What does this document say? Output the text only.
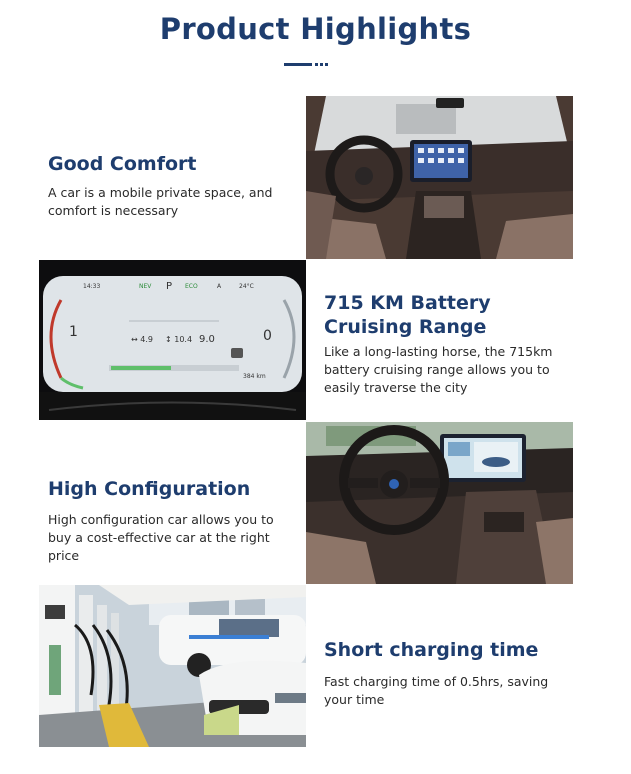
Product Highlights
Good Comfort
A car is a mobile private space, and comfort is necessary
14:33	NEV P ECO	A	24°C
1	0
↔ 4.9 ↕ 10.4 9.0
384 km
715 KM Battery Cruising Range
Like a long-lasting horse, the 715km battery cruising range allows you to easily traverse the city
High Configuration
High configuration car allows you to buy a cost-effective car at the right price
Short charging time
Fast charging time of 0.5hrs, saving your time
